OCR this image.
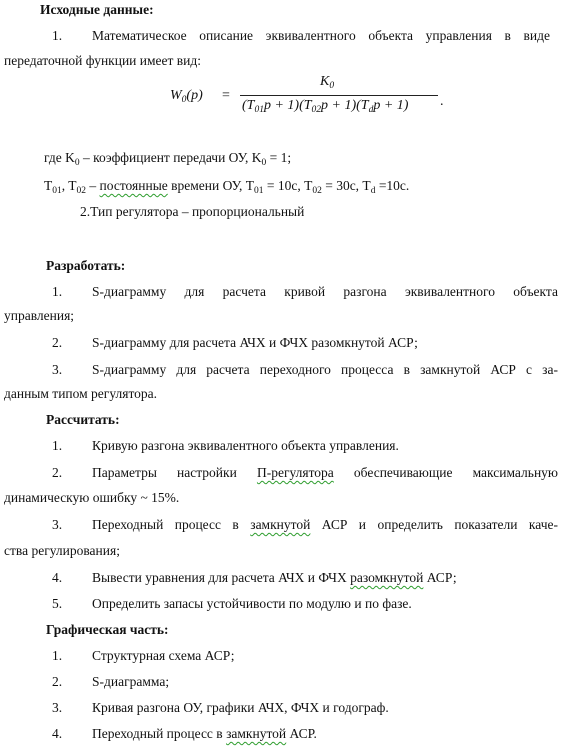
Исходные данные:
1. Математическое описание эквивалентного объекта управления в виде
передаточной функции имеет вид:
$W_0(p)$ =
$K_0$
$(T_{01}p + 1)(T_{02}p + 1)(T_dp + 1)$ .
где $K_0$ – коэффициент передачи ОУ, $K_0 = 1$;
$T_{01}$, $T_{02}$ – постоянные времени ОУ, $T_{01} = 10с$, $T_{02} = 30с$, $T_d =10с$.
2.Тип регулятора – пропорциональный
Разработать:
1. S-диаграмму для расчета кривой разгона эквивалентного объекта
управления;
2. S-диаграмму для расчета АЧХ и ФЧХ разомкнутой АСР;
3. S-диаграмму для расчета переходного процесса в замкнутой АСР с за-
данным типом регулятора.
Рассчитать:
1. Кривую разгона эквивалентного объекта управления.
2. Параметры настройки П-регулятора обеспечивающие максимальную
динамическую ошибку ~ 15%.
3. Переходный процесс в замкнутой АСР и определить показатели каче-
ства регулирования;
4. Вывести уравнения для расчета АЧХ и ФЧХ разомкнутой АСР;
5. Определить запасы устойчивости по модулю и по фазе.
Графическая часть:
1. Структурная схема АСР;
2. S-диаграмма;
3. Кривая разгона ОУ, графики АЧХ, ФЧХ и годограф.
4. Переходный процесс в замкнутой АСР.
